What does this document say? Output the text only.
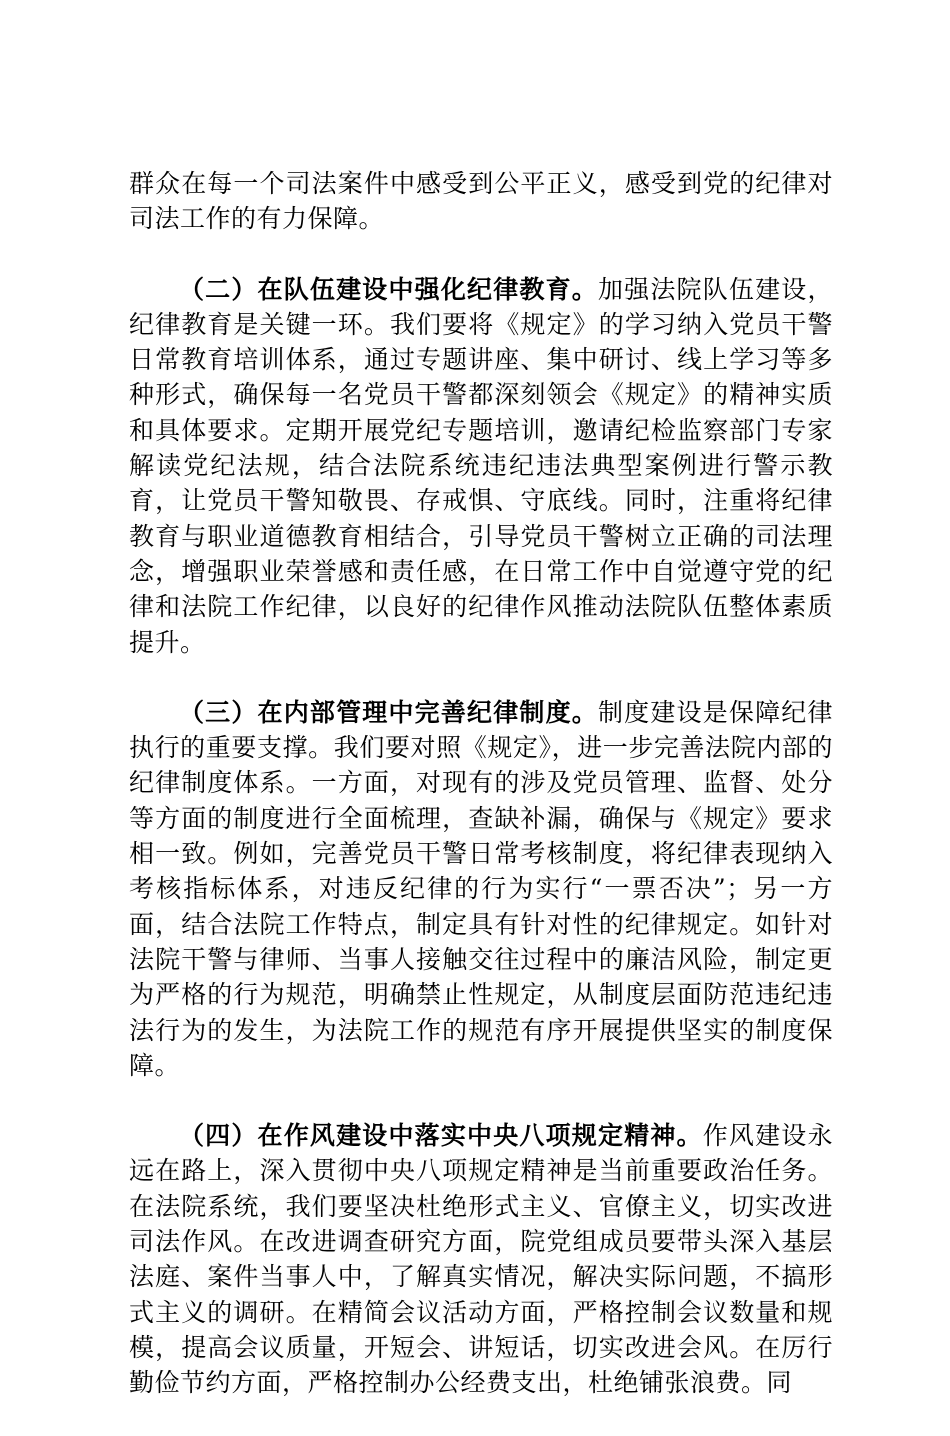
群众在每一个司法案件中感受到公平正义，感受到党的纪律对司法工作的有力保障。

（二）在队伍建设中强化纪律教育。加强法院队伍建设，纪律教育是关键一环。我们要将《规定》的学习纳入党员干警日常教育培训体系，通过专题讲座、集中研讨、线上学习等多种形式，确保每一名党员干警都深刻领会《规定》的精神实质和具体要求。定期开展党纪专题培训，邀请纪检监察部门专家解读党纪法规，结合法院系统违纪违法典型案例进行警示教育，让党员干警知敬畏、存戒惧、守底线。同时，注重将纪律教育与职业道德教育相结合，引导党员干警树立正确的司法理念，增强职业荣誉感和责任感，在日常工作中自觉遵守党的纪律和法院工作纪律，以良好的纪律作风推动法院队伍整体素质提升。

（三）在内部管理中完善纪律制度。制度建设是保障纪律执行的重要支撑。我们要对照《规定》，进一步完善法院内部的纪律制度体系。一方面，对现有的涉及党员管理、监督、处分等方面的制度进行全面梳理，查缺补漏，确保与《规定》要求相一致。例如，完善党员干警日常考核制度，将纪律表现纳入考核指标体系，对违反纪律的行为实行“一票否决”；另一方面，结合法院工作特点，制定具有针对性的纪律规定。如针对法院干警与律师、当事人接触交往过程中的廉洁风险，制定更为严格的行为规范，明确禁止性规定，从制度层面防范违纪违法行为的发生，为法院工作的规范有序开展提供坚实的制度保障。

（四）在作风建设中落实中央八项规定精神。作风建设永远在路上，深入贯彻中央八项规定精神是当前重要政治任务。在法院系统，我们要坚决杜绝形式主义、官僚主义，切实改进司法作风。在改进调查研究方面，院党组成员要带头深入基层法庭、案件当事人中，了解真实情况，解决实际问题，不搞形式主义的调研。在精简会议活动方面，严格控制会议数量和规模，提高会议质量，开短会、讲短话，切实改进会风。在厉行勤俭节约方面，严格控制办公经费支出，杜绝铺张浪费。同
